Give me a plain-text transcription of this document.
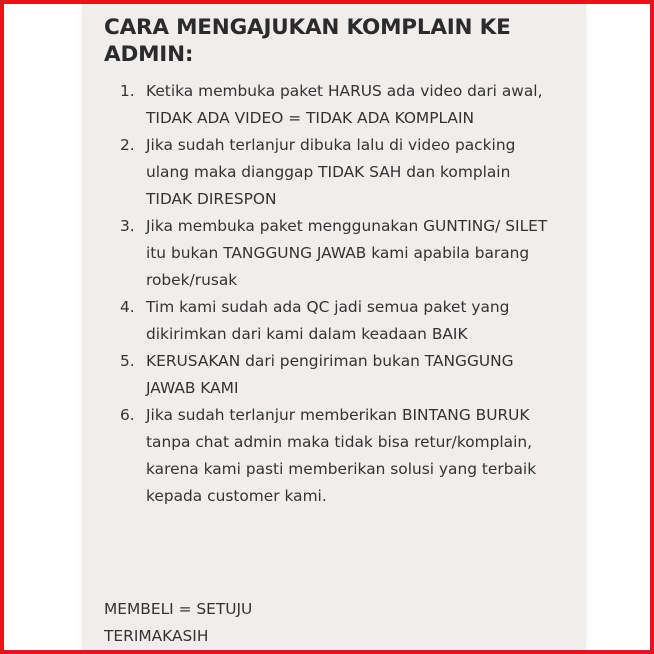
CARA MENGAJUKAN KOMPLAIN KE ADMIN:
1. Ketika membuka paket HARUS ada video dari awal, TIDAK ADA VIDEO = TIDAK ADA KOMPLAIN
2. Jika sudah terlanjur dibuka lalu di video packing ulang maka dianggap TIDAK SAH dan komplain TIDAK DIRESPON
3. Jika membuka paket menggunakan GUNTING/ SILET itu bukan TANGGUNG JAWAB kami apabila barang robek/rusak
4. Tim kami sudah ada QC jadi semua paket yang dikirimkan dari kami dalam keadaan BAIK
5. KERUSAKAN dari pengiriman bukan TANGGUNG JAWAB KAMI
6. Jika sudah terlanjur memberikan BINTANG BURUK tanpa chat admin maka tidak bisa retur/komplain, karena kami pasti memberikan solusi yang terbaik kepada customer kami.
MEMBELI = SETUJU
TERIMAKASIH
